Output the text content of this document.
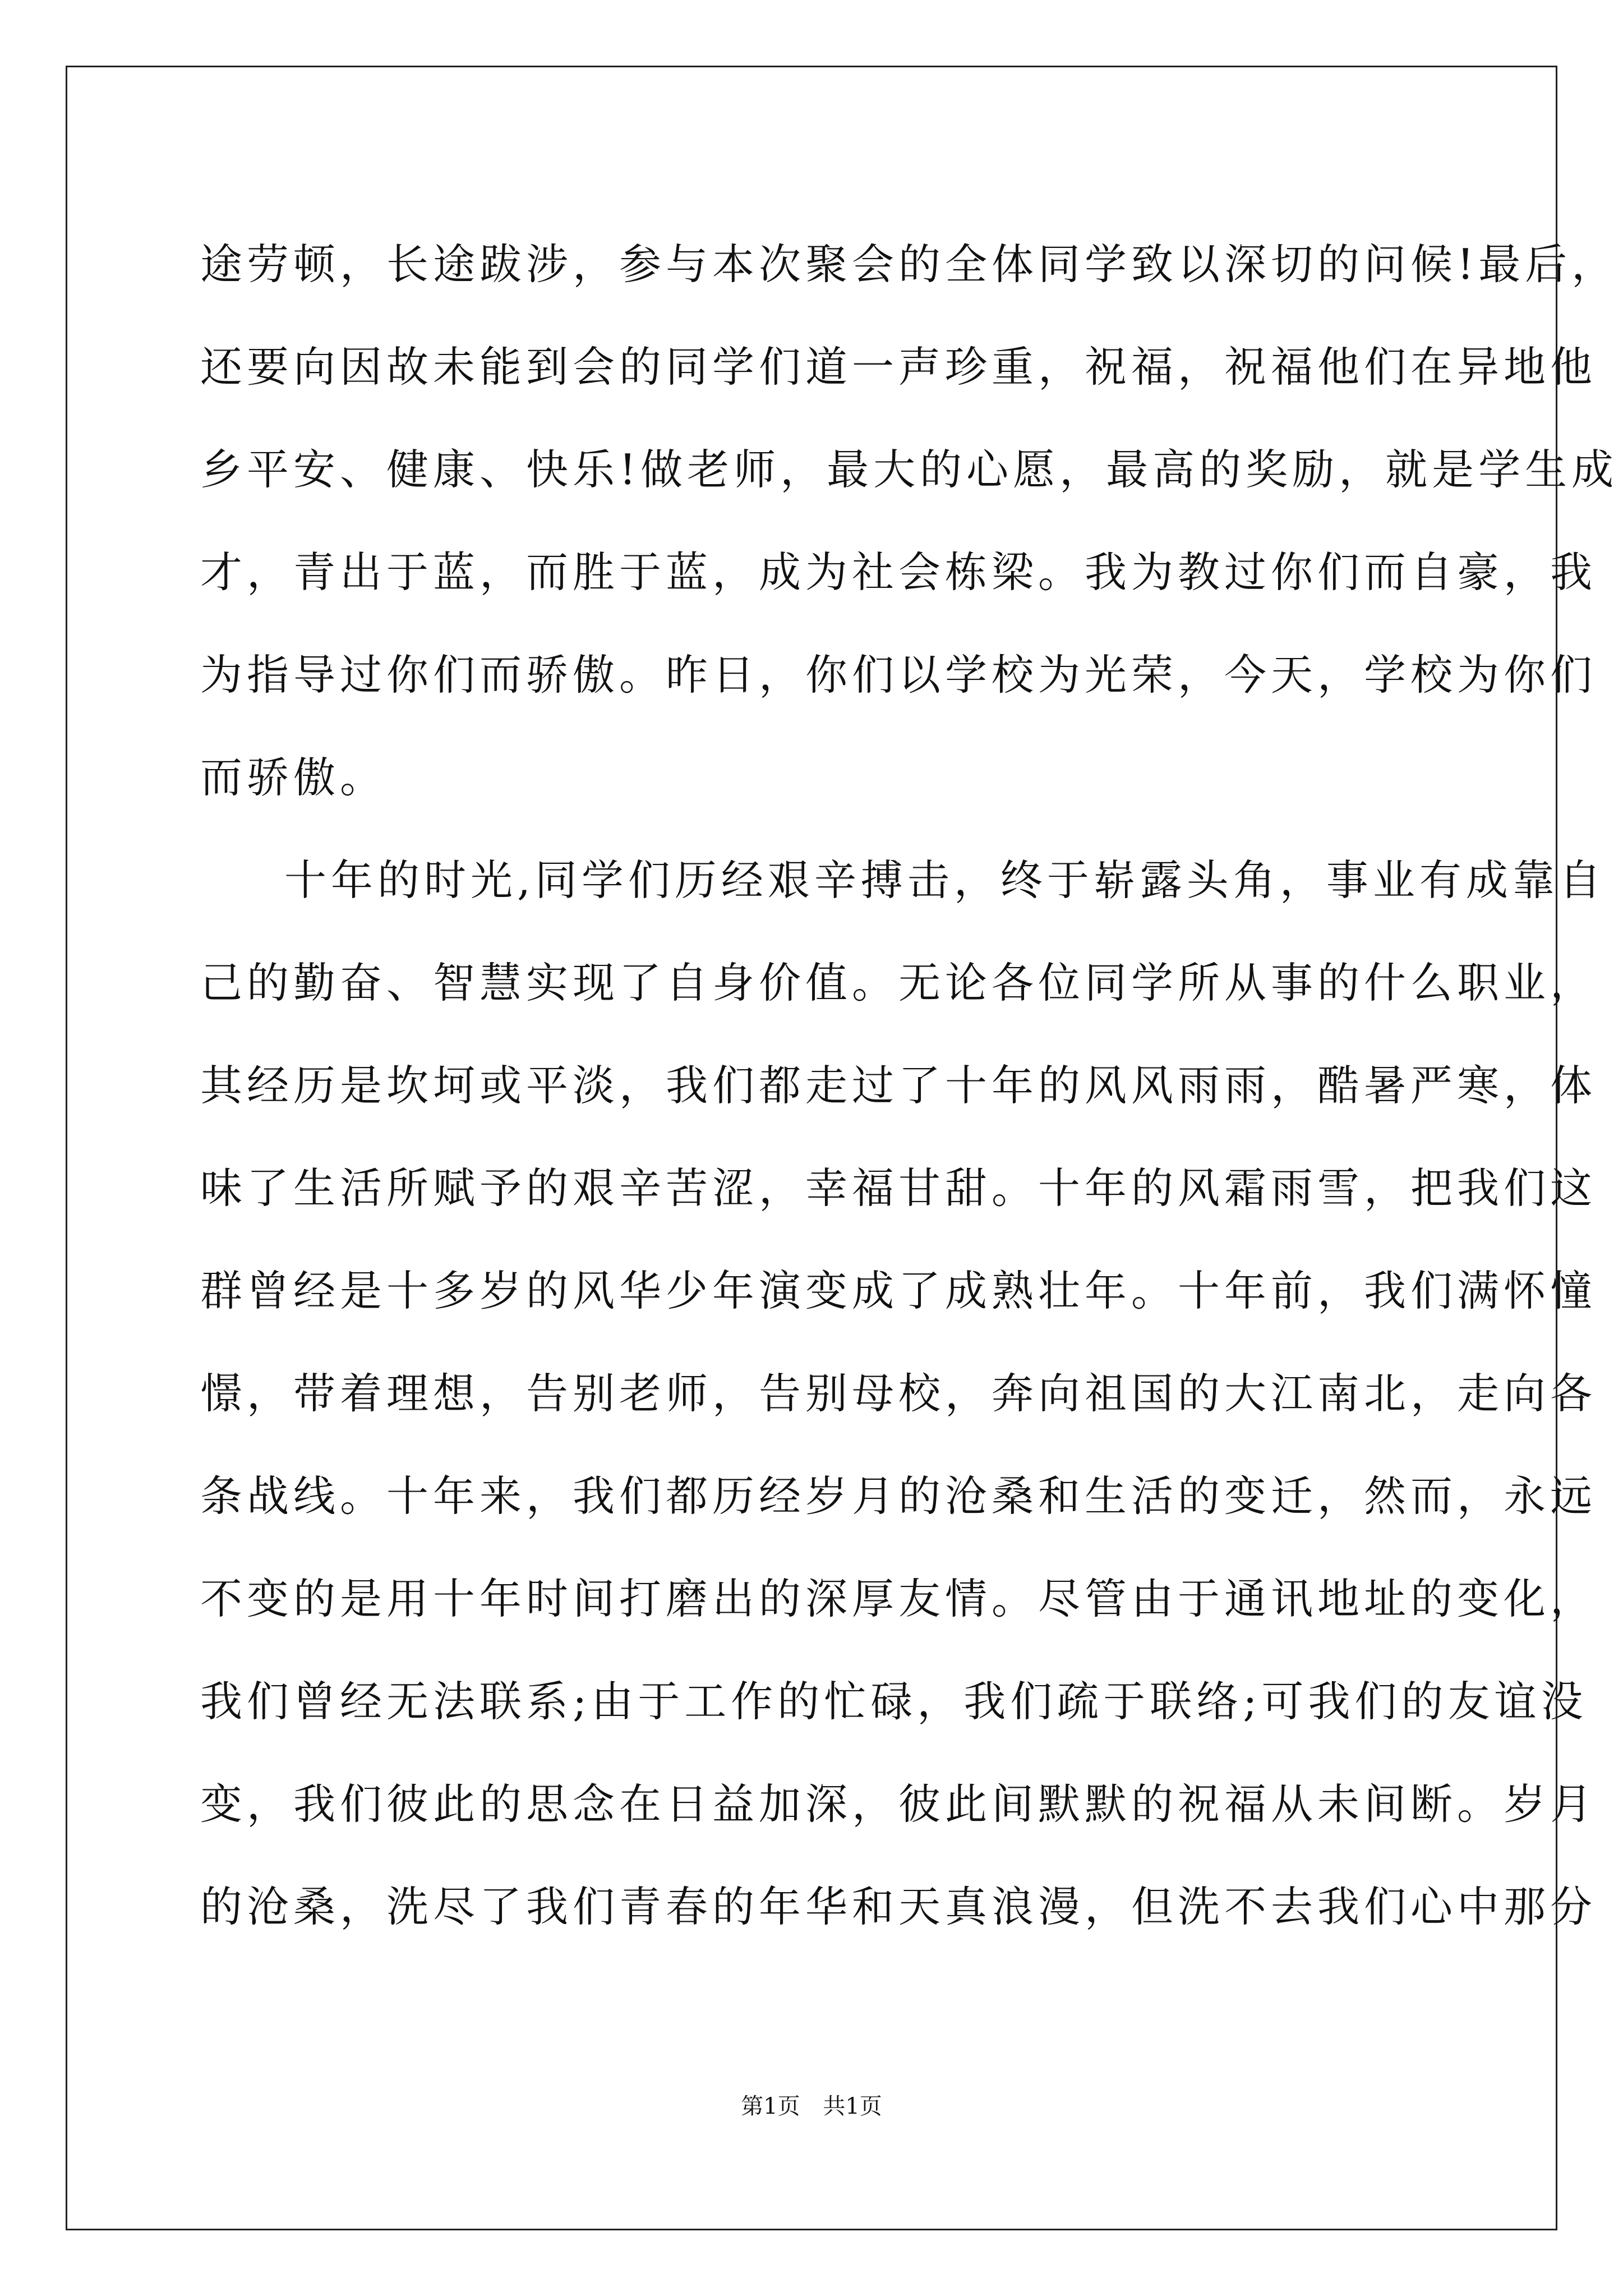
途劳顿，长途跋涉，参与本次聚会的全体同学致以深切的问候!最后，
还要向因故未能到会的同学们道一声珍重，祝福，祝福他们在异地他
乡平安、健康、快乐!做老师，最大的心愿，最高的奖励，就是学生成
才，青出于蓝，而胜于蓝，成为社会栋梁。我为教过你们而自豪，我
为指导过你们而骄傲。昨日，你们以学校为光荣，今天，学校为你们
而骄傲。
十年的时光,同学们历经艰辛搏击，终于崭露头角，事业有成靠自
己的勤奋、智慧实现了自身价值。无论各位同学所从事的什么职业，
其经历是坎坷或平淡，我们都走过了十年的风风雨雨，酷暑严寒，体
味了生活所赋予的艰辛苦涩，幸福甘甜。十年的风霜雨雪，把我们这
群曾经是十多岁的风华少年演变成了成熟壮年。十年前，我们满怀憧
憬，带着理想，告别老师，告别母校，奔向祖国的大江南北，走向各
条战线。十年来，我们都历经岁月的沧桑和生活的变迁，然而，永远
不变的是用十年时间打磨出的深厚友情。尽管由于通讯地址的变化，
我们曾经无法联系;由于工作的忙碌，我们疏于联络;可我们的友谊没
变，我们彼此的思念在日益加深，彼此间默默的祝福从未间断。岁月
的沧桑，洗尽了我们青春的年华和天真浪漫，但洗不去我们心中那分
第1页 共1页
